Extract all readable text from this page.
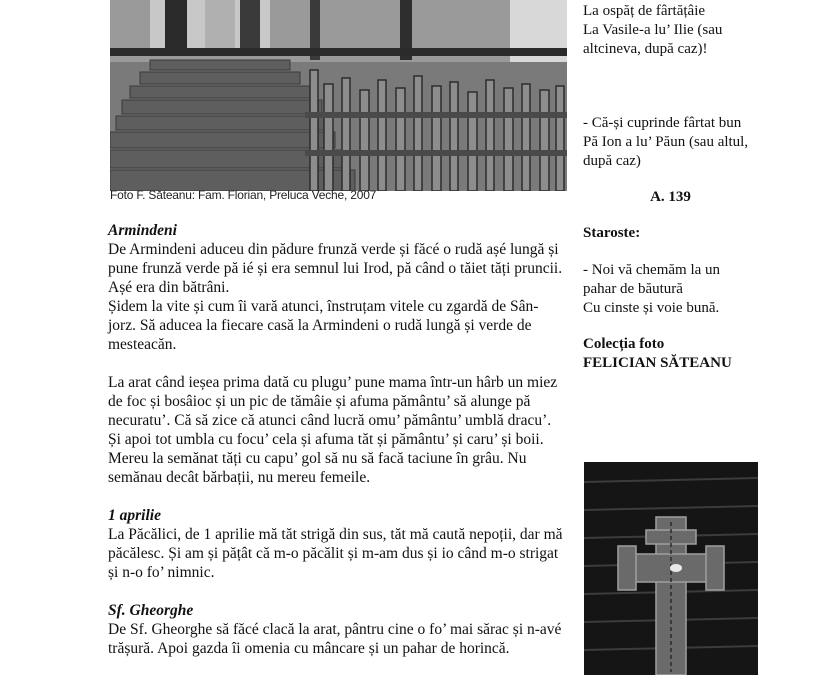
Foto F. Săteanu: Fam. Florian, Preluca Veche, 2007
Armindeni

De Armindeni aduceu din pădure frunză verde și făcé o rudă așé lungă și pune frunză verde pă ié și era semnul lui Irod, pă când o tăiet tăți pruncii. Așé era din bătrâni.

Șidem la vite și cum îi vară atunci, înstruțam vitele cu zgardă de Sân-jorz. Să aducea la fiecare casă la Armindeni o rudă lungă și verde de mesteacăn.

La arat când ieșea prima dată cu plugu’ pune mama într-un hârb un miez de foc și bosâioc și un pic de tămâie și afuma pământu’ să alunge pă necuratu’. Că să zice că atunci când lucră omu’ pământu’ umblă dracu’. Și apoi tot umbla cu focu’ cela și afuma tăt și pământu’ și caru’ și boii.

Mereu la semănat tăți cu capu’ gol să nu să facă taciune în grâu. Nu semănau decât bărbații, nu mereu femeile.

1 aprilie

La Păcălici, de 1 aprilie mă tăt strigă din sus, tăt mă caută nepoții, dar mă păcălesc. Și am și pățât că m-o păcălit și m-am dus și io când m-o strigat și n-o fo’ nimnic.

Sf. Gheorghe

De Sf. Gheorghe să făcé clacă la arat, pântru cine o fo’ mai sărac și n-avé trășură. Apoi gazda îi omenia cu mâncare și un pahar de horincă.

La ospăț de fârtățâie

La Vasile-a lu’ Ilie (sau

altcineva, după caz)!

- Că-și cuprinde fârtat bun

Pă Ion a lu’ Păun (sau altul,

după caz)

A. 139

Staroste:

- Noi vă chemăm la un

pahar de băutură

Cu cinste și voie bună.

Colecția foto

FELICIAN SĂTEANU
